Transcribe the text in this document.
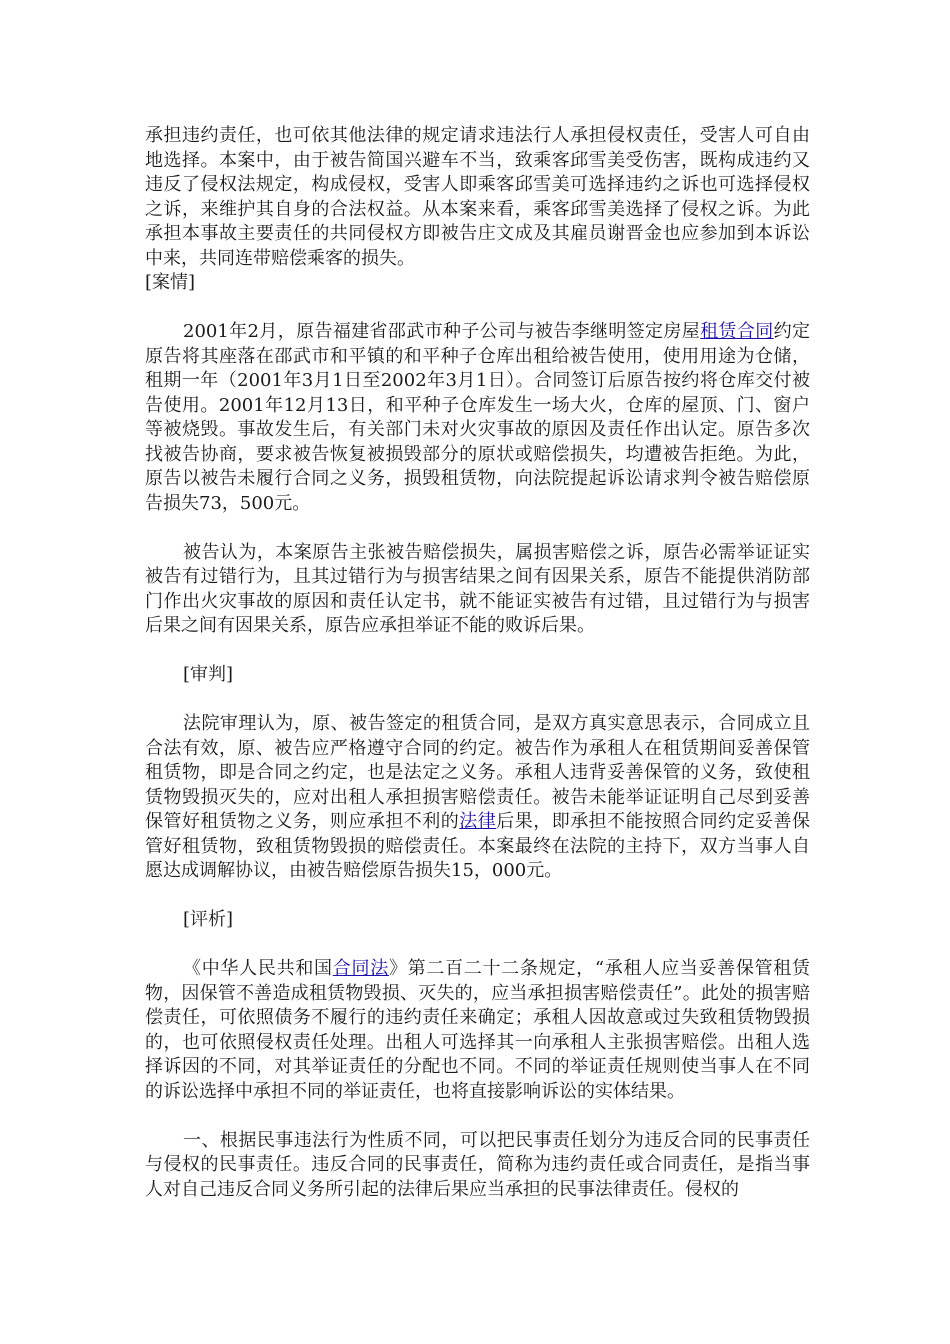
承担违约责任，也可依其他法律的规定请求违法行人承担侵权责任，受害人可自由地选择。本案中，由于被告简国兴避车不当，致乘客邱雪美受伤害，既构成违约又违反了侵权法规定，构成侵权，受害人即乘客邱雪美可选择违约之诉也可选择侵权之诉，来维护其自身的合法权益。从本案来看，乘客邱雪美选择了侵权之诉。为此承担本事故主要责任的共同侵权方即被告庄文成及其雇员谢晋金也应参加到本诉讼中来，共同连带赔偿乘客的损失。

[案情]

2001年2月，原告福建省邵武市种子公司与被告李继明签定房屋租赁合同约定原告将其座落在邵武市和平镇的和平种子仓库出租给被告使用，使用用途为仓储，租期一年（2001年3月1日至2002年3月1日）。合同签订后原告按约将仓库交付被告使用。2001年12月13日，和平种子仓库发生一场大火，仓库的屋顶、门、窗户等被烧毁。事故发生后，有关部门未对火灾事故的原因及责任作出认定。原告多次找被告协商，要求被告恢复被损毁部分的原状或赔偿损失，均遭被告拒绝。为此，原告以被告未履行合同之义务，损毁租赁物，向法院提起诉讼请求判令被告赔偿原告损失73，500元。

被告认为，本案原告主张被告赔偿损失，属损害赔偿之诉，原告必需举证证实被告有过错行为，且其过错行为与损害结果之间有因果关系，原告不能提供消防部门作出火灾事故的原因和责任认定书，就不能证实被告有过错，且过错行为与损害后果之间有因果关系，原告应承担举证不能的败诉后果。

[审判]

法院审理认为，原、被告签定的租赁合同，是双方真实意思表示，合同成立且合法有效，原、被告应严格遵守合同的约定。被告作为承租人在租赁期间妥善保管租赁物，即是合同之约定，也是法定之义务。承租人违背妥善保管的义务，致使租赁物毁损灭失的，应对出租人承担损害赔偿责任。被告未能举证证明自己尽到妥善保管好租赁物之义务，则应承担不利的法律后果，即承担不能按照合同约定妥善保管好租赁物，致租赁物毁损的赔偿责任。本案最终在法院的主持下，双方当事人自愿达成调解协议，由被告赔偿原告损失15，000元。

[评析]

《中华人民共和国合同法》第二百二十二条规定，“承租人应当妥善保管租赁物，因保管不善造成租赁物毁损、灭失的，应当承担损害赔偿责任”。此处的损害赔偿责任，可依照债务不履行的违约责任来确定；承租人因故意或过失致租赁物毁损的，也可依照侵权责任处理。出租人可选择其一向承租人主张损害赔偿。出租人选择诉因的不同，对其举证责任的分配也不同。不同的举证责任规则使当事人在不同的诉讼选择中承担不同的举证责任，也将直接影响诉讼的实体结果。

一、根据民事违法行为性质不同，可以把民事责任划分为违反合同的民事责任与侵权的民事责任。违反合同的民事责任，简称为违约责任或合同责任，是指当事人对自己违反合同义务所引起的法律后果应当承担的民事法律责任。侵权的
